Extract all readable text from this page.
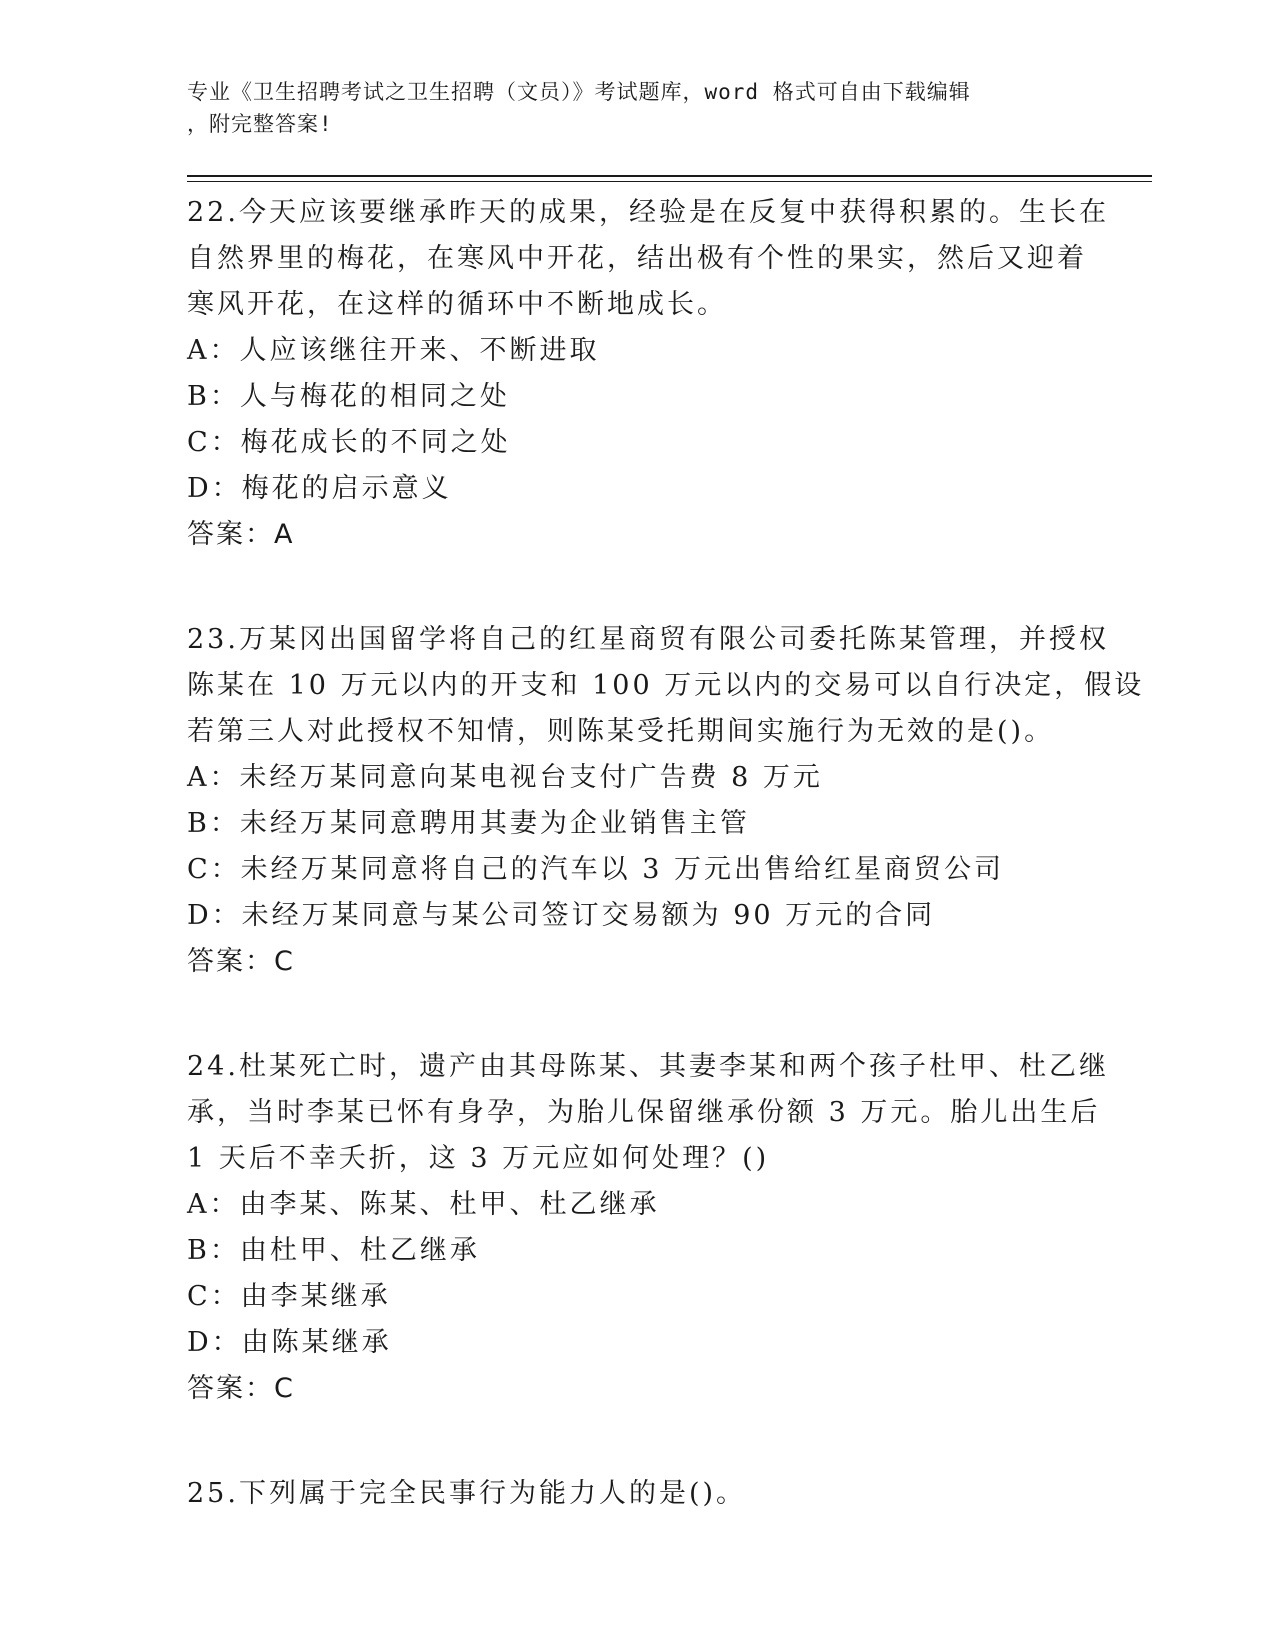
专业《卫生招聘考试之卫生招聘（文员）》考试题库，word 格式可自由下载编辑
，附完整答案!
22.今天应该要继承昨天的成果，经验是在反复中获得积累的。生长在
自然界里的梅花，在寒风中开花，结出极有个性的果实，然后又迎着
寒风开花，在这样的循环中不断地成长。
A：人应该继往开来、不断进取
B：人与梅花的相同之处
C：梅花成长的不同之处
D：梅花的启示意义
答案：A
23.万某冈出国留学将自己的红星商贸有限公司委托陈某管理，并授权
陈某在 10 万元以内的开支和 100 万元以内的交易可以自行决定，假设
若第三人对此授权不知情，则陈某受托期间实施行为无效的是()。
A：未经万某同意向某电视台支付广告费 8 万元
B：未经万某同意聘用其妻为企业销售主管
C：未经万某同意将自己的汽车以 3 万元出售给红星商贸公司
D：未经万某同意与某公司签订交易额为 90 万元的合同
答案：C
24.杜某死亡时，遗产由其母陈某、其妻李某和两个孩子杜甲、杜乙继
承，当时李某已怀有身孕，为胎儿保留继承份额 3 万元。胎儿出生后
1 天后不幸夭折，这 3 万元应如何处理？()
A：由李某、陈某、杜甲、杜乙继承
B：由杜甲、杜乙继承
C：由李某继承
D：由陈某继承
答案：C
25.下列属于完全民事行为能力人的是()。
